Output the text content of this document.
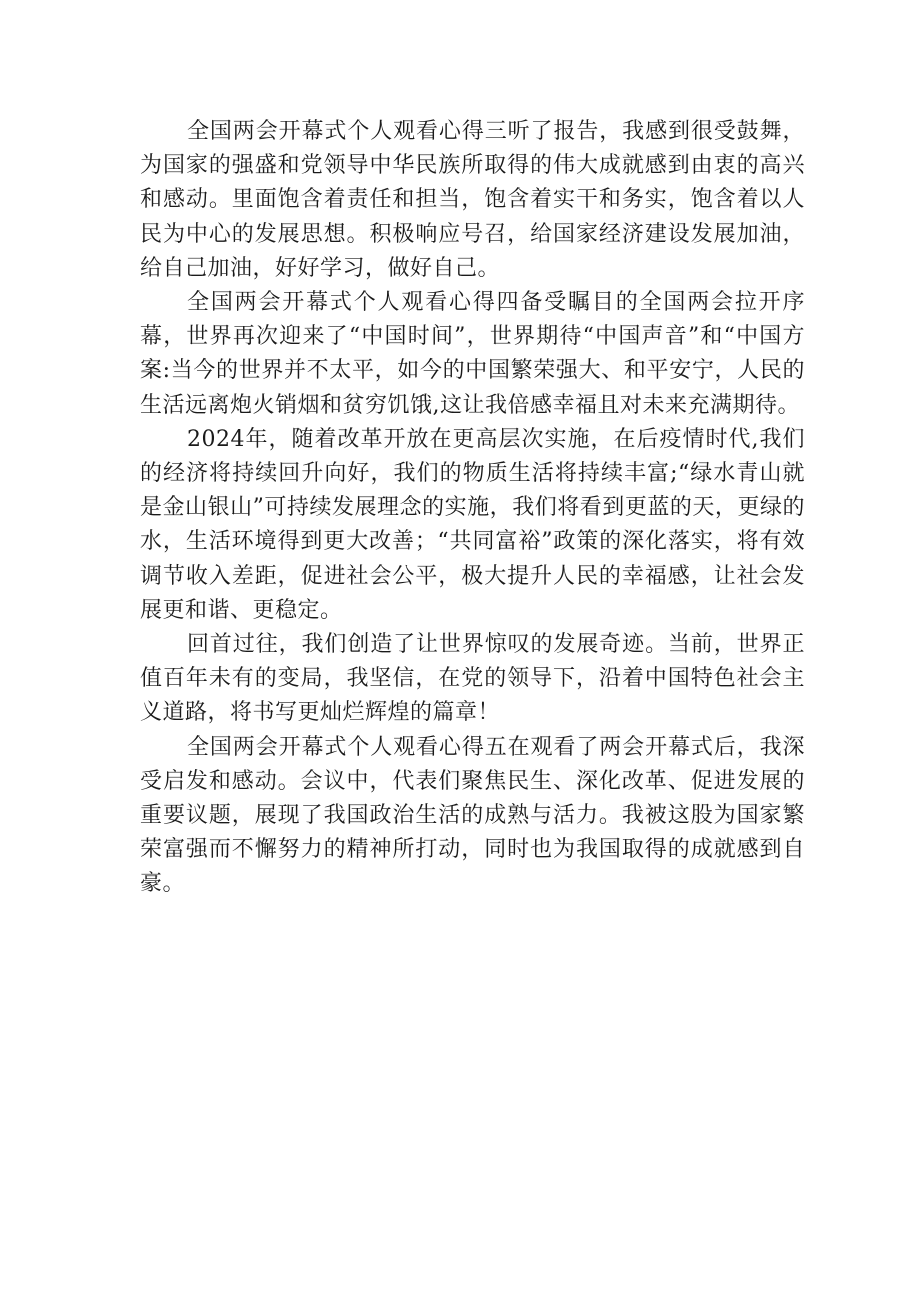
全国两会开幕式个人观看心得三听了报告，我感到很受鼓舞，为国家的强盛和党领导中华民族所取得的伟大成就感到由衷的高兴和感动。里面饱含着责任和担当，饱含着实干和务实，饱含着以人民为中心的发展思想。积极响应号召，给国家经济建设发展加油，给自己加油，好好学习，做好自己。

全国两会开幕式个人观看心得四备受瞩目的全国两会拉开序幕，世界再次迎来了“中国时间”，世界期待“中国声音”和“中国方案:当今的世界并不太平，如今的中国繁荣强大、和平安宁，人民的生活远离炮火销烟和贫穷饥饿,这让我倍感幸福且对未来充满期待。

2024年，随着改革开放在更高层次实施，在后疫情时代,我们的经济将持续回升向好，我们的物质生活将持续丰富;“绿水青山就是金山银山”可持续发展理念的实施，我们将看到更蓝的天，更绿的水，生活环境得到更大改善；“共同富裕”政策的深化落实，将有效调节收入差距，促进社会公平，极大提升人民的幸福感，让社会发展更和谐、更稳定。

回首过往，我们创造了让世界惊叹的发展奇迹。当前，世界正值百年未有的变局，我坚信，在党的领导下，沿着中国特色社会主义道路，将书写更灿烂辉煌的篇章！

全国两会开幕式个人观看心得五在观看了两会开幕式后，我深受启发和感动。会议中，代表们聚焦民生、深化改革、促进发展的重要议题，展现了我国政治生活的成熟与活力。我被这股为国家繁荣富强而不懈努力的精神所打动，同时也为我国取得的成就感到自豪。
